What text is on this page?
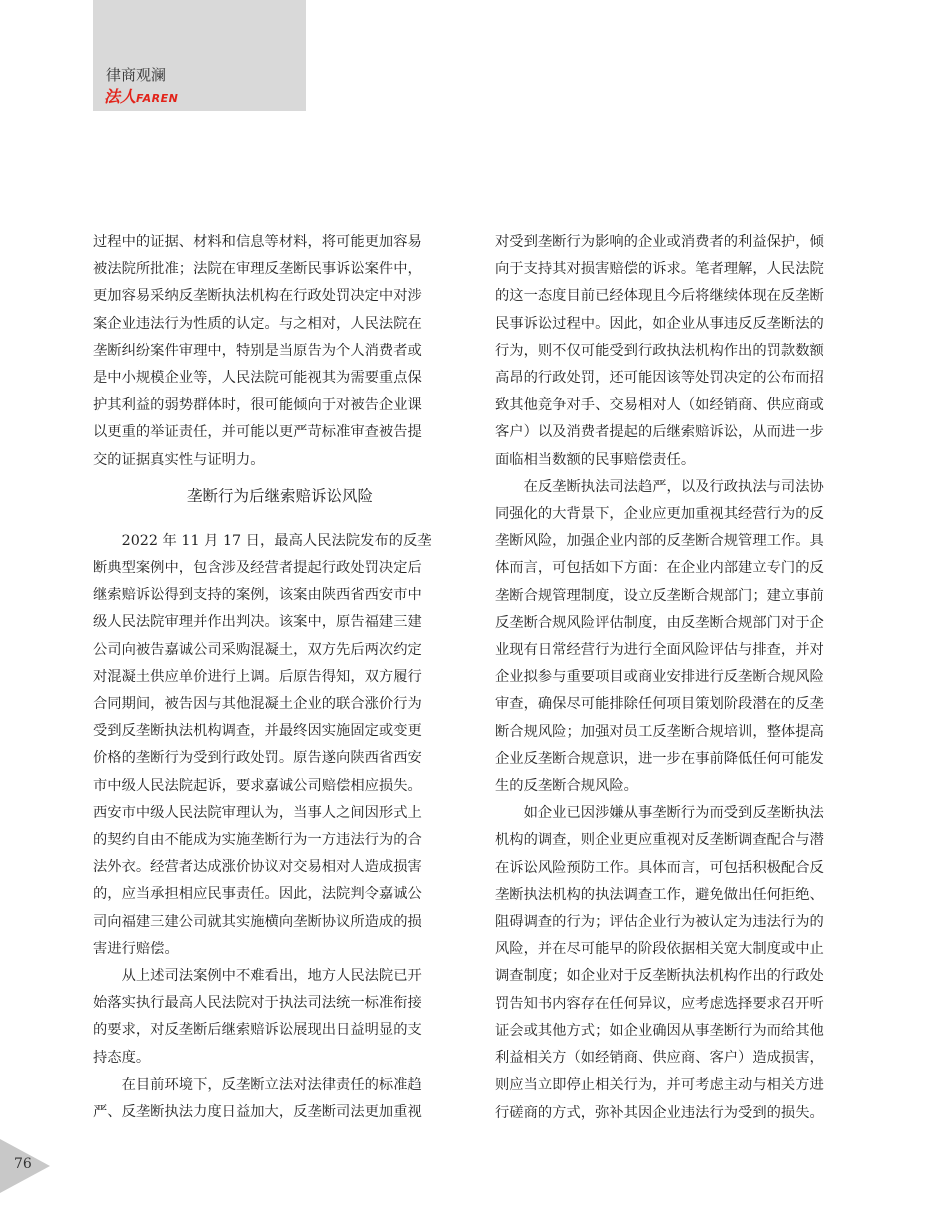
律商观澜
法人FAREN

过程中的证据、材料和信息等材料，将可能更加容易

被法院所批准；法院在审理反垄断民事诉讼案件中，

更加容易采纳反垄断执法机构在行政处罚决定中对涉

案企业违法行为性质的认定。与之相对，人民法院在

垄断纠纷案件审理中，特别是当原告为个人消费者或

是中小规模企业等，人民法院可能视其为需要重点保

护其利益的弱势群体时，很可能倾向于对被告企业课

以更重的举证责任，并可能以更严苛标准审查被告提

交的证据真实性与证明力。

垄断行为后继索赔诉讼风险

2022 年 11 月 17 日，最高人民法院发布的反垄

断典型案例中，包含涉及经营者提起行政处罚决定后

继索赔诉讼得到支持的案例，该案由陕西省西安市中

级人民法院审理并作出判决。该案中，原告福建三建

公司向被告嘉诚公司采购混凝土，双方先后两次约定

对混凝土供应单价进行上调。后原告得知，双方履行

合同期间，被告因与其他混凝土企业的联合涨价行为

受到反垄断执法机构调查，并最终因实施固定或变更

价格的垄断行为受到行政处罚。原告遂向陕西省西安

市中级人民法院起诉，要求嘉诚公司赔偿相应损失。

西安市中级人民法院审理认为，当事人之间因形式上

的契约自由不能成为实施垄断行为一方违法行为的合

法外衣。经营者达成涨价协议对交易相对人造成损害

的，应当承担相应民事责任。因此，法院判令嘉诚公

司向福建三建公司就其实施横向垄断协议所造成的损

害进行赔偿。

从上述司法案例中不难看出，地方人民法院已开

始落实执行最高人民法院对于执法司法统一标准衔接

的要求，对反垄断后继索赔诉讼展现出日益明显的支

持态度。

在目前环境下，反垄断立法对法律责任的标准趋

严、反垄断执法力度日益加大，反垄断司法更加重视

对受到垄断行为影响的企业或消费者的利益保护，倾

向于支持其对损害赔偿的诉求。笔者理解，人民法院

的这一态度目前已经体现且今后将继续体现在反垄断

民事诉讼过程中。因此，如企业从事违反反垄断法的

行为，则不仅可能受到行政执法机构作出的罚款数额

高昂的行政处罚，还可能因该等处罚决定的公布而招

致其他竞争对手、交易相对人（如经销商、供应商或

客户）以及消费者提起的后继索赔诉讼，从而进一步

面临相当数额的民事赔偿责任。

在反垄断执法司法趋严，以及行政执法与司法协

同强化的大背景下，企业应更加重视其经营行为的反

垄断风险，加强企业内部的反垄断合规管理工作。具

体而言，可包括如下方面：在企业内部建立专门的反

垄断合规管理制度，设立反垄断合规部门；建立事前

反垄断合规风险评估制度，由反垄断合规部门对于企

业现有日常经营行为进行全面风险评估与排查，并对

企业拟参与重要项目或商业安排进行反垄断合规风险

审查，确保尽可能排除任何项目策划阶段潜在的反垄

断合规风险；加强对员工反垄断合规培训，整体提高

企业反垄断合规意识，进一步在事前降低任何可能发

生的反垄断合规风险。

如企业已因涉嫌从事垄断行为而受到反垄断执法

机构的调查，则企业更应重视对反垄断调查配合与潜

在诉讼风险预防工作。具体而言，可包括积极配合反

垄断执法机构的执法调查工作，避免做出任何拒绝、

阻碍调查的行为；评估企业行为被认定为违法行为的

风险，并在尽可能早的阶段依据相关宽大制度或中止

调查制度；如企业对于反垄断执法机构作出的行政处

罚告知书内容存在任何异议，应考虑选择要求召开听

证会或其他方式；如企业确因从事垄断行为而给其他

利益相关方（如经销商、供应商、客户）造成损害，

则应当立即停止相关行为，并可考虑主动与相关方进

行磋商的方式，弥补其因企业违法行为受到的损失。

76
